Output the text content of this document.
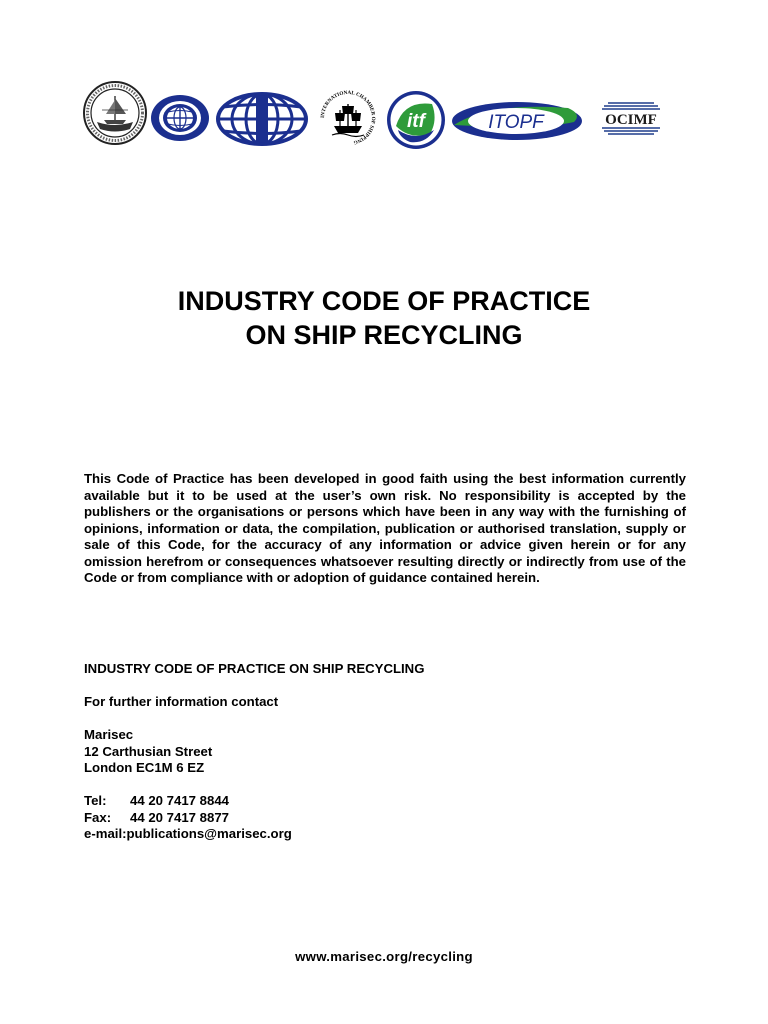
INTERNATIONAL CHAMBER OF SHIPPING
itf	ITOPF	OCIMF
INDUSTRY CODE OF PRACTICE
ON SHIP RECYCLING

This Code of Practice has been developed in good faith using the best information currently available but it to be used at the user’s own risk. No responsibility is accepted by the publishers or the organisations or persons which have been in any way with the furnishing of opinions, information or data, the compilation, publication or authorised translation, supply or sale of this Code, for the accuracy of any information or advice given herein or for any omission herefrom or consequences whatsoever resulting directly or indirectly from use of the Code or from compliance with or adoption of guidance contained herein.

INDUSTRY CODE OF PRACTICE ON SHIP RECYCLING
For further information contact
Marisec
12 Carthusian Street
London EC1M 6 EZ
Tel:	44 20 7417 8844
Fax:	44 20 7417 8877
e-mail:publications@marisec.org
www.marisec.org/recycling
